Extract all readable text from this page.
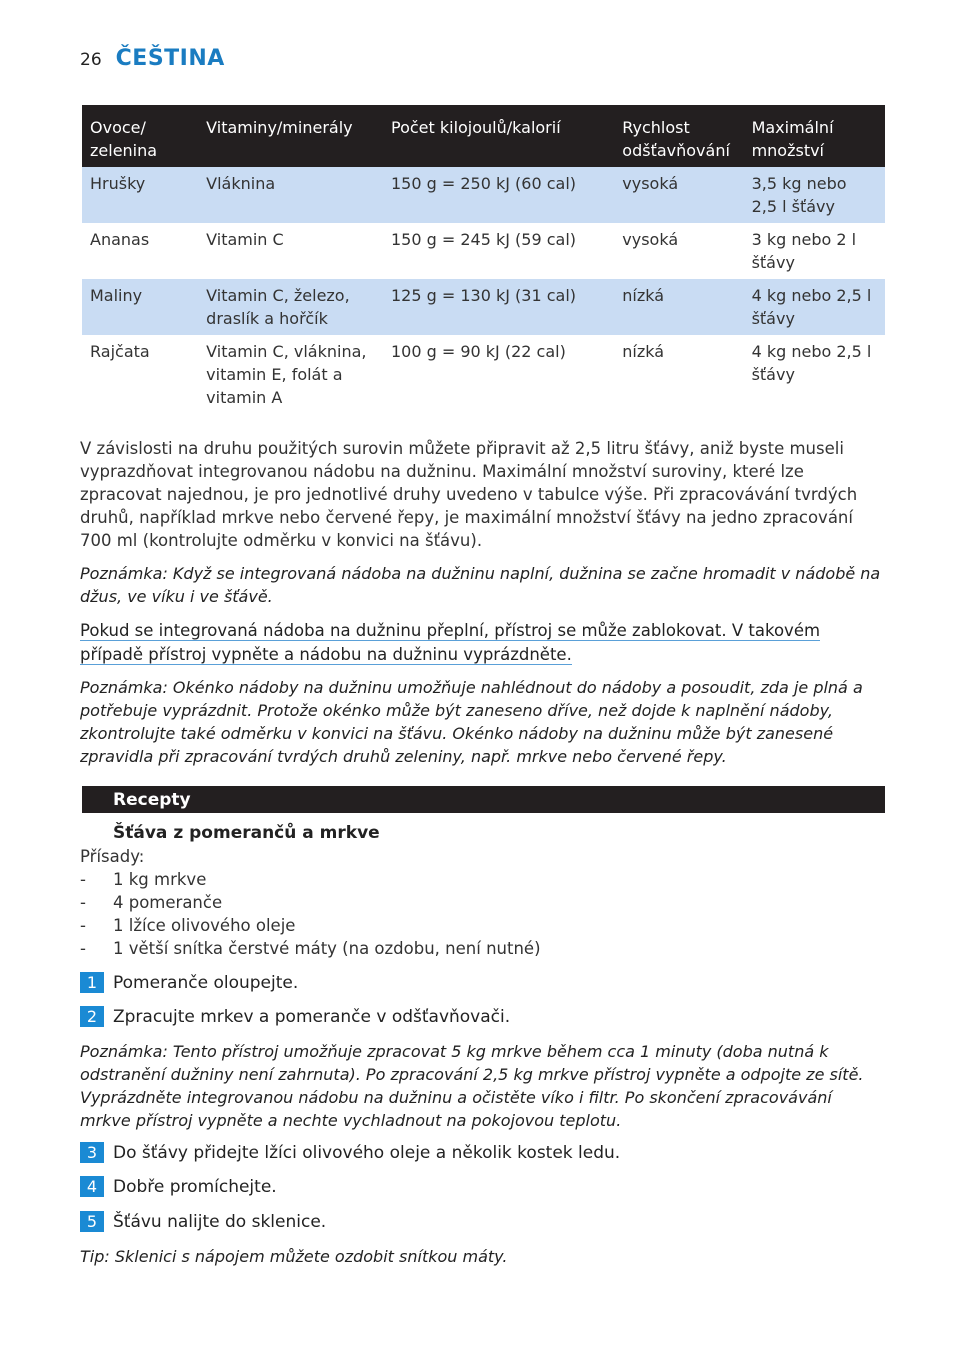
26 ČEŠTINA
Ovoce/ zelenina	Vitaminy/minerály	Počet kilojoulů/kalorií	Rychlost odšťavňování	Maximální množství
Hrušky	Vláknina	150 g = 250 kJ (60 cal)	vysoká	3,5 kg nebo 2,5 l šťávy
Ananas	Vitamin C	150 g = 245 kJ (59 cal)	vysoká	3 kg nebo 2 l šťávy
Maliny	Vitamin C, železo, draslík a hořčík	125 g = 130 kJ (31 cal)	nízká	4 kg nebo 2,5 l šťávy
Rajčata	Vitamin C, vláknina, vitamin E, folát a vitamin A	100 g = 90 kJ (22 cal)	nízká	4 kg nebo 2,5 l šťávy

V závislosti na druhu použitých surovin můžete připravit až 2,5 litru šťávy, aniž byste museli vyprazdňovat integrovanou nádobu na dužninu. Maximální množství suroviny, které lze zpracovat najednou, je pro jednotlivé druhy uvedeno v tabulce výše. Při zpracovávání tvrdých druhů, například mrkve nebo červené řepy, je maximální množství šťávy na jedno zpracování 700 ml (kontrolujte odměrku v konvici na šťávu).

Poznámka: Když se integrovaná nádoba na dužninu naplní, dužnina se začne hromadit v nádobě na džus, ve víku i ve šťávě.

Pokud se integrovaná nádoba na dužninu přeplní, přístroj se může zablokovat. V takovém případě přístroj vypněte a nádobu na dužninu vyprázdněte.

Poznámka: Okénko nádoby na dužninu umožňuje nahlédnout do nádoby a posoudit, zda je plná a potřebuje vyprázdnit. Protože okénko může být zaneseno dříve, než dojde k naplnění nádoby, zkontrolujte také odměrku v konvici na šťávu. Okénko nádoby na dužninu může být zanesené zpravidla při zpracování tvrdých druhů zeleniny, např. mrkve nebo červené řepy.

Recepty
Šťáva z pomerančů a mrkve
Přísady:
-	1 kg mrkve
-	4 pomeranče
-	1 lžíce olivového oleje
-	1 větší snítka čerstvé máty (na ozdobu, není nutné)
1 Pomeranče oloupejte.
2 Zpracujte mrkev a pomeranče v odšťavňovači.

Poznámka: Tento přístroj umožňuje zpracovat 5 kg mrkve během cca 1 minuty (doba nutná k odstranění dužniny není zahrnuta). Po zpracování 2,5 kg mrkve přístroj vypněte a odpojte ze sítě. Vyprázdněte integrovanou nádobu na dužninu a očistěte víko i filtr. Po skončení zpracovávání mrkve přístroj vypněte a nechte vychladnout na pokojovou teplotu.

3 Do šťávy přidejte lžíci olivového oleje a několik kostek ledu.
4 Dobře promíchejte.
5 Šťávu nalijte do sklenice.

Tip: Sklenici s nápojem můžete ozdobit snítkou máty.
